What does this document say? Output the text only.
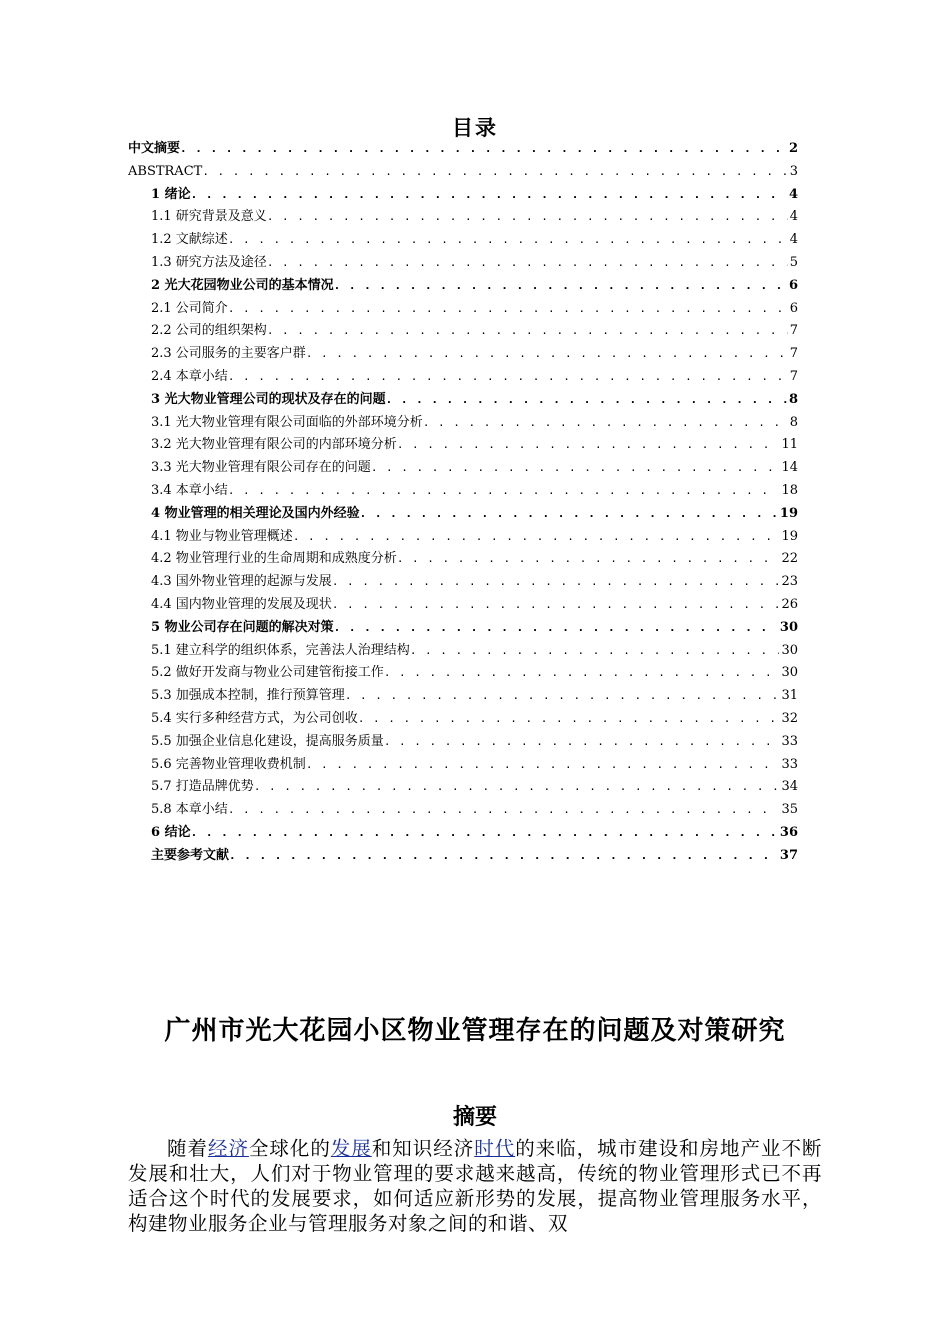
目录
中文摘要 . . .	2
ABSTRACT . . .	3
1 绪论 . . .	4
1.1 研究背景及意义 . . .	4
1.2 文献综述 . . .	4
1.3 研究方法及途径 . . .	5
2 光大花园物业公司的基本情况 . . .	6
2.1 公司简介 . . .	6
2.2 公司的组织架构 . . .	7
2.3 公司服务的主要客户群 . . .	7
2.4 本章小结 . . .	7
3 光大物业管理公司的现状及存在的问题 . . .	8
3.1 光大物业管理有限公司面临的外部环境分析 . . .	8
3.2 光大物业管理有限公司的内部环境分析 . . .	11
3.3 光大物业管理有限公司存在的问题 . . .	14
3.4 本章小结 . . .	18
4 物业管理的相关理论及国内外经验 . . .	19
4.1 物业与物业管理概述 . . .	19
4.2 物业管理行业的生命周期和成熟度分析 . . .	22
4.3 国外物业管理的起源与发展 . . .	23
4.4 国内物业管理的发展及现状 . . .	26
5 物业公司存在问题的解决对策 . . .	30
5.1 建立科学的组织体系，完善法人治理结构 . . .	30
5.2 做好开发商与物业公司建管衔接工作 . . .	30
5.3 加强成本控制，推行预算管理 . . .	31
5.4 实行多种经营方式，为公司创收 . . .	32
5.5 加强企业信息化建设，提高服务质量 . . .	33
5.6 完善物业管理收费机制 . . .	33
5.7 打造品牌优势 . . .	34
5.8 本章小结 . . .	35
6 结论 . . .	36
主要参考文献 . . .	37
广州市光大花园小区物业管理存在的问题及对策研究
摘要
随着经济全球化的发展和知识经济时代的来临，城市建设和房地产业不断发展和壮大，人们对于物业管理的要求越来越高，传统的物业管理形式已不再适合这个时代的发展要求，如何适应新形势的发展，提高物业管理服务水平，构建物业服务企业与管理服务对象之间的和谐、双
